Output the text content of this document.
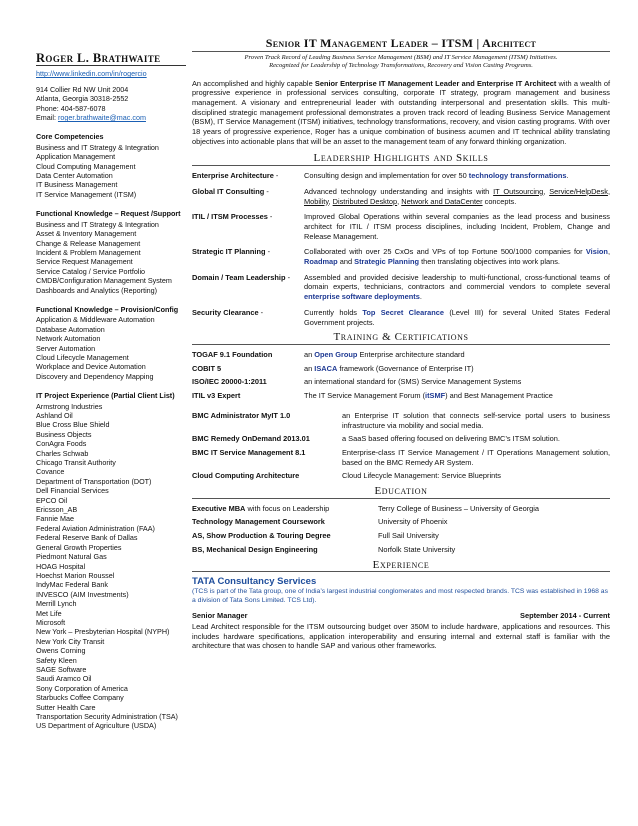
Roger L. Brathwaite
http://www.linkedin.com/in/rogercio
914 Collier Rd NW Unit 2004
Atlanta, Georgia 30318-2552
Phone: 404-587-6078
Email: roger.brathwaite@mac.com
Core Competencies
Business and IT Strategy & Integration
Application Management
Cloud Computing Management
Data Center Automation
IT Business Management
IT Service Management (ITSM)
Functional Knowledge – Request /Support
Business and IT Strategy & Integration
Asset & Inventory Management
Change & Release Management
Incident & Problem Management
Service Request Management
Service Catalog / Service Portfolio
CMDB/Configuration Management System
Dashboards and Analytics (Reporting)
Functional Knowledge – Provision/Config
Application & Middleware Automation
Database Automation
Network Automation
Server Automation
Cloud Lifecycle Management
Workplace and Device Automation
Discovery and Dependency Mapping
IT Project Experience (Partial Client List)
Armstrong Industries
Ashland Oil
Blue Cross Blue Shield
Business Objects
ConAgra Foods
Charles Schwab
Chicago Transit Authority
Covance
Department of Transportation (DOT)
Dell Financial Services
EPCO Oil
Ericsson_AB
Fannie Mae
Federal Aviation Administration (FAA)
Federal Reserve Bank of Dallas
General Growth Properties
Piedmont Natural Gas
HOAG Hospital
Hoechst Marion Roussel
IndyMac Federal Bank
INVESCO (AIM Investments)
Merrill Lynch
Met Life
Microsoft
New York – Presbyterian Hospital (NYPH)
New York City Transit
Owens Corning
Safety Kleen
SAGE Software
Saudi Aramco Oil
Sony Corporation of America
Starbucks Coffee Company
Sutter Health Care
Transportation Security Administration (TSA)
US Department of Agriculture (USDA)
Senior IT Management Leader – ITSM | Architect
Proven Track Record of Leading Business Service Management (BSM) and IT Service Management (ITSM) Initiatives.
Recognized for Leadership of Technology Transformations, Recovery and Vision Casting Programs.
An accomplished and highly capable Senior Enterprise IT Management Leader and Enterprise IT Architect with a wealth of progressive experience in professional services consulting, corporate IT strategy, program management and business management. A visionary and entrepreneurial leader with outstanding interpersonal and presentation skills. This multi-disciplined strategic management professional demonstrates a proven track record of leading Business Service Management (BSM), IT Service Management (ITSM) initiatives, technology transformations, recovery, and vision casting programs. With over 18 years of progressive experience, Roger has a unique combination of business acumen and IT technical ability translating objectives into actionable plans that will be an asset to the management team of any forward thinking organization.
Leadership Highlights and Skills
Enterprise Architecture -	Consulting design and implementation for over 50 technology transformations.
Global IT Consulting -	Advanced technology understanding and insights with IT Outsourcing, Service/HelpDesk, Mobility, Distributed Desktop, Network and DataCenter concepts.
ITIL / ITSM Processes -	Improved Global Operations within several companies as the lead process and business architect for ITIL / ITSM process disciplines, including Incident, Problem, Change and Release Management.
Strategic IT Planning -	Collaborated with over 25 CxOs and VPs of top Fortune 500/1000 companies for Vision, Roadmap and Strategic Planning then translating objectives into work plans.
Domain / Team Leadership -	Assembled and provided decisive leadership to multi-functional, cross-functional teams of domain experts, technicians, contractors and commercial vendors to complete several enterprise software deployments.
Security Clearance -	Currently holds Top Secret Clearance (Level III) for several United States Federal Government projects.
Training & Certifications
TOGAF 9.1 Foundation	an Open Group Enterprise architecture standard
COBIT 5	an ISACA framework (Governance of Enterprise IT)
ISO/IEC 20000-1:2011	an international standard for (SMS) Service Management Systems
ITIL v3 Expert	The IT Service Management Forum (itSMF) and Best Management Practice
BMC Administrator MyIT 1.0	an Enterprise IT solution that connects self-service portal users to business infrastructure via mobility and social media.
BMC Remedy OnDemand 2013.01	a SaaS based offering focused on delivering BMC’s ITSM solution.
BMC IT Service Management 8.1	Enterprise-class IT Service Management / IT Operations Management solution, based on the BMC Remedy AR System.
Cloud Computing Architecture	Cloud Lifecycle Management: Service Blueprints
Education
Executive MBA with focus on Leadership	Terry College of Business – University of Georgia
Technology Management Coursework	University of Phoenix
AS, Show Production & Touring Degree	Full Sail University
BS, Mechanical Design Engineering	Norfolk State University
Experience
TATA Consultancy Services
(TCS is part of the Tata group, one of India’s largest industrial conglomerates and most respected brands. TCS was established in 1968 as a division of Tata Sons Limited. TCS Ltd).
Senior Manager	September 2014 - Current
Lead Architect responsible for the ITSM outsourcing budget over 350M to include hardware, applications and resources. This includes hardware specifications, application interoperability and ensuring internal and external staff is familiar with the architecture that was chosen to handle SAP and various other frameworks.
